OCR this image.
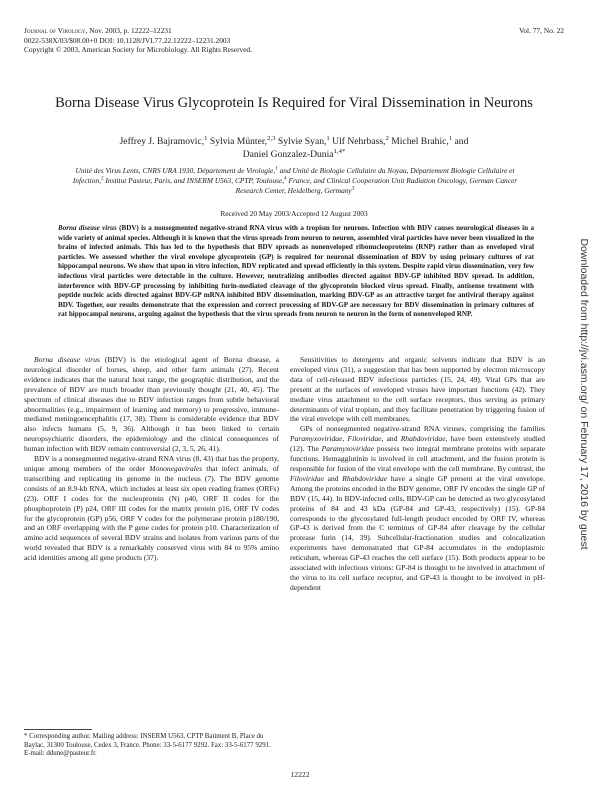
Journal of Virology, Nov. 2003, p. 12222–12231
0022-538X/03/$08.00+0 DOI: 10.1128/JVI.77.22.12222–12231.2003
Copyright © 2003, American Society for Microbiology. All Rights Reserved.
Vol. 77, No. 22
Borna Disease Virus Glycoprotein Is Required for Viral Dissemination in Neurons
Jeffrey J. Bajramovic,$^1$ Sylvia Münter,$^{2,3}$ Sylvie Syan,$^1$ Ulf Nehrbass,$^2$ Michel Brahic,$^1$ and
Daniel Gonzalez-Dunia$^{1,4*}$
Unité des Virus Lents, CNRS URA 1930, Département de Virologie,$^1$ and Unité de Biologie Cellulaire du Noyau, Département Biologie Cellulaire et Infection,$^2$ Institut Pasteur, Paris, and INSERM U563, CPTP, Toulouse,$^4$ France, and Clinical Cooperation Unit Radiation Oncology, German Cancer Research Center, Heidelberg, Germany$^3$
Received 20 May 2003/Accepted 12 August 2003
Borna disease virus (BDV) is a nonsegmented negative-strand RNA virus with a tropism for neurons. Infection with BDV causes neurological diseases in a wide variety of animal species. Although it is known that the virus spreads from neuron to neuron, assembled viral particles have never been visualized in the brains of infected animals. This has led to the hypothesis that BDV spreads as nonenveloped ribonucleoproteins (RNP) rather than as enveloped viral particles. We assessed whether the viral envelope glycoprotein (GP) is required for neuronal dissemination of BDV by using primary cultures of rat hippocampal neurons. We show that upon in vitro infection, BDV replicated and spread efficiently in this system. Despite rapid virus dissemination, very few infectious viral particles were detectable in the culture. However, neutralizing antibodies directed against BDV-GP inhibited BDV spread. In addition, interference with BDV-GP processing by inhibiting furin-mediated cleavage of the glycoprotein blocked virus spread. Finally, antisense treatment with peptide nucleic acids directed against BDV-GP mRNA inhibited BDV dissemination, marking BDV-GP as an attractive target for antiviral therapy against BDV. Together, our results demonstrate that the expression and correct processing of BDV-GP are necessary for BDV dissemination in primary cultures of rat hippocampal neurons, arguing against the hypothesis that the virus spreads from neuron to neuron in the form of nonenveloped RNP.

Borna disease virus (BDV) is the etiological agent of Borna disease, a neurological disorder of horses, sheep, and other farm animals (27). Recent evidence indicates that the natural host range, the geographic distribution, and the prevalence of BDV are much broader than previously thought (21, 40, 45). The spectrum of clinical diseases due to BDV infection ranges from subtle behavioral abnormalities (e.g., impairment of learning and memory) to progressive, immune-mediated meningoencephalitis (17, 38). There is considerable evidence that BDV also infects humans (5, 9, 36). Although it has been linked to certain neuropsychiatric disorders, the epidemiology and the clinical consequences of human infection with BDV remain controversial (2, 3, 5, 26, 41).

BDV is a nonsegmented negative-strand RNA virus (8, 43) that has the property, unique among members of the order Mononegavirales that infect animals, of transcribing and replicating its genome in the nucleus (7). The BDV genome consists of an 8.9-kb RNA, which includes at least six open reading frames (ORFs) (23). ORF I codes for the nucleoprotein (N) p40, ORF II codes for the phosphoprotein (P) p24, ORF III codes for the matrix protein p16, ORF IV codes for the glycoprotein (GP) p56, ORF V codes for the polymerase protein p180/190, and an ORF overlapping with the P gene codes for protein p10. Characterization of amino acid sequences of several BDV strains and isolates from various parts of the world revealed that BDV is a remarkably conserved virus with 84 to 95% amino acid identities among all gene products (37).

Sensitivities to detergents and organic solvents indicate that BDV is an enveloped virus (31), a suggestion that has been supported by electron microscopy data of cell-released BDV infectious particles (15, 24, 49). Viral GPs that are present at the surfaces of enveloped viruses have important functions (42). They mediate virus attachment to the cell surface receptors, thus serving as primary determinants of viral tropism, and they facilitate penetration by triggering fusion of the viral envelope with cell membranes.

GPs of nonsegmented negative-strand RNA viruses, comprising the families Paramyxoviridae, Filoviridae, and Rhabdoviridae, have been extensively studied (12). The Paramyxoviridae possess two integral membrane proteins with separate functions. Hemagglutinin is involved in cell attachment, and the fusion protein is responsible for fusion of the viral envelope with the cell membrane. By contrast, the Filoviridae and Rhabdoviridae have a single GP present at the viral envelope. Among the proteins encoded in the BDV genome, ORF IV encodes the single GP of BDV (15, 44). In BDV-infected cells, BDV-GP can be detected as two glycosylated proteins of 84 and 43 kDa (GP-84 and GP-43, respectively) (15). GP-84 corresponds to the glycosylated full-length product encoded by ORF IV, whereas GP-43 is derived from the C terminus of GP-84 after cleavage by the cellular protease furin (14, 39). Subcellular-fractionation studies and colocalization experiments have demonstrated that GP-84 accumulates in the endoplasmic reticulum, whereas GP-43 reaches the cell surface (15). Both products appear to be associated with infectious virions: GP-84 is thought to be involved in attachment of the virus to its cell surface receptor, and GP-43 is thought to be involved in pH-dependent

* Corresponding author. Mailing address: INSERM U563, CPTP Batiment B, Place du Baylac, 31300 Toulouse, Cedex 3, France. Phone: 33-5-6177 9292. Fax: 33-5-6177 9291. E-mail: ddune@pasteur.fr.
12222
Downloaded from http://jvi.asm.org/ on February 17, 2016 by guest
